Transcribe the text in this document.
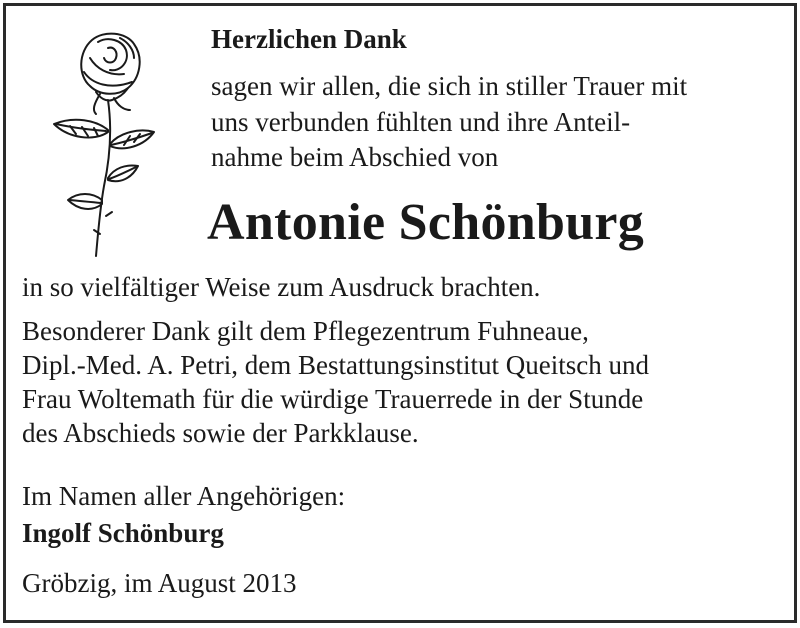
Herzlichen Dank
sagen wir allen, die sich in stiller Trauer mit
uns verbunden fühlten und ihre Anteil-
nahme beim Abschied von
Antonie Schönburg
in so vielfältiger Weise zum Ausdruck brachten.
Besonderer Dank gilt dem Pflegezentrum Fuhneaue,
Dipl.-Med. A. Petri, dem Bestattungsinstitut Queitsch und
Frau Woltemath für die würdige Trauerrede in der Stunde
des Abschieds sowie der Parkklause.
Im Namen aller Angehörigen:
Ingolf Schönburg
Gröbzig, im August 2013
